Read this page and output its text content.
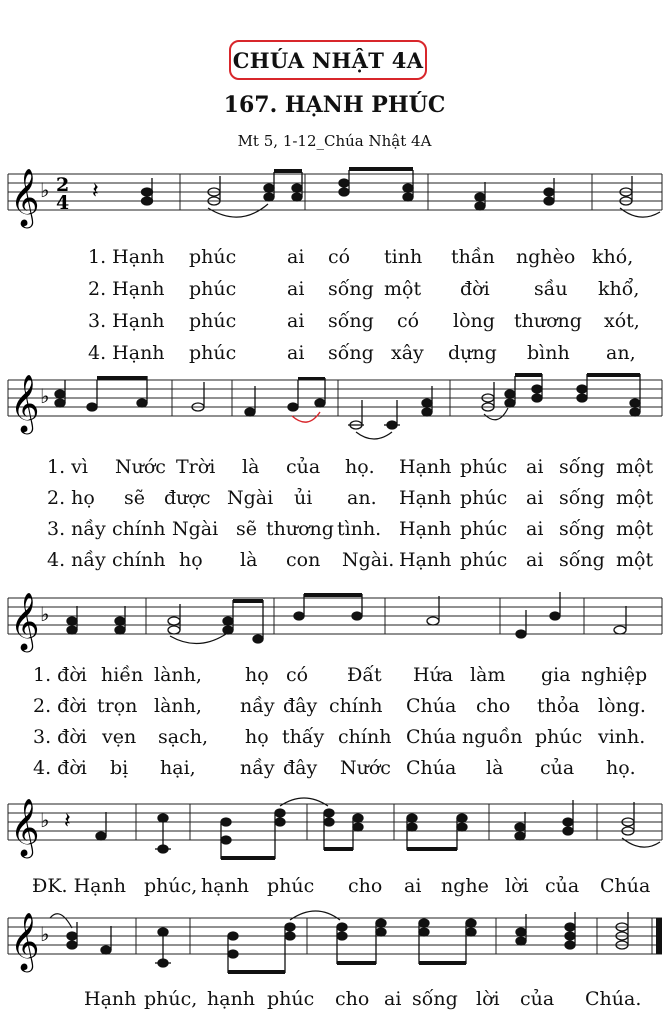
CHÚA NHẬT 4A
167. HẠNH PHÚC
Mt 5, 1-12_Chúa Nhật 4A
𝄞 ♭ 2
4 𝄽
1. Hạnh phúc	ai có tinh thần nghèo khó,
2. Hạnh phúc	ai sống một đời sầu khổ,
3. Hạnh phúc	ai sống có lòng thương xót,
4. Hạnh phúc	ai sống xây dựng bình an,
𝄞 ♭
1. vì Nước Trời là của họ. Hạnh phúc ai sống một
2. họ sẽ được Ngài ủi an. Hạnh phúc ai sống một
3. nầy chính Ngài sẽ thương tình. Hạnh phúc ai sống một
4. nầy chính họ là con Ngài. Hạnh phúc ai sống một
𝄞 ♭
1. đời hiền lành, họ có Đất Hứa làm gia nghiệp
2. đời trọn lành, nầy đây chính Chúa cho thỏa lòng.
3. đời vẹn sạch, họ thấy chính Chúa nguồn phúc vinh.
4. đời bị hại, nầy đây Nước Chúa là của họ.
𝄞 ♭ 𝄽
ĐK. Hạnh phúc, hạnh phúc cho ai nghe lời của Chúa
𝄞 ♭
Hạnh phúc, hạnh phúc cho ai sống lời của Chúa.
